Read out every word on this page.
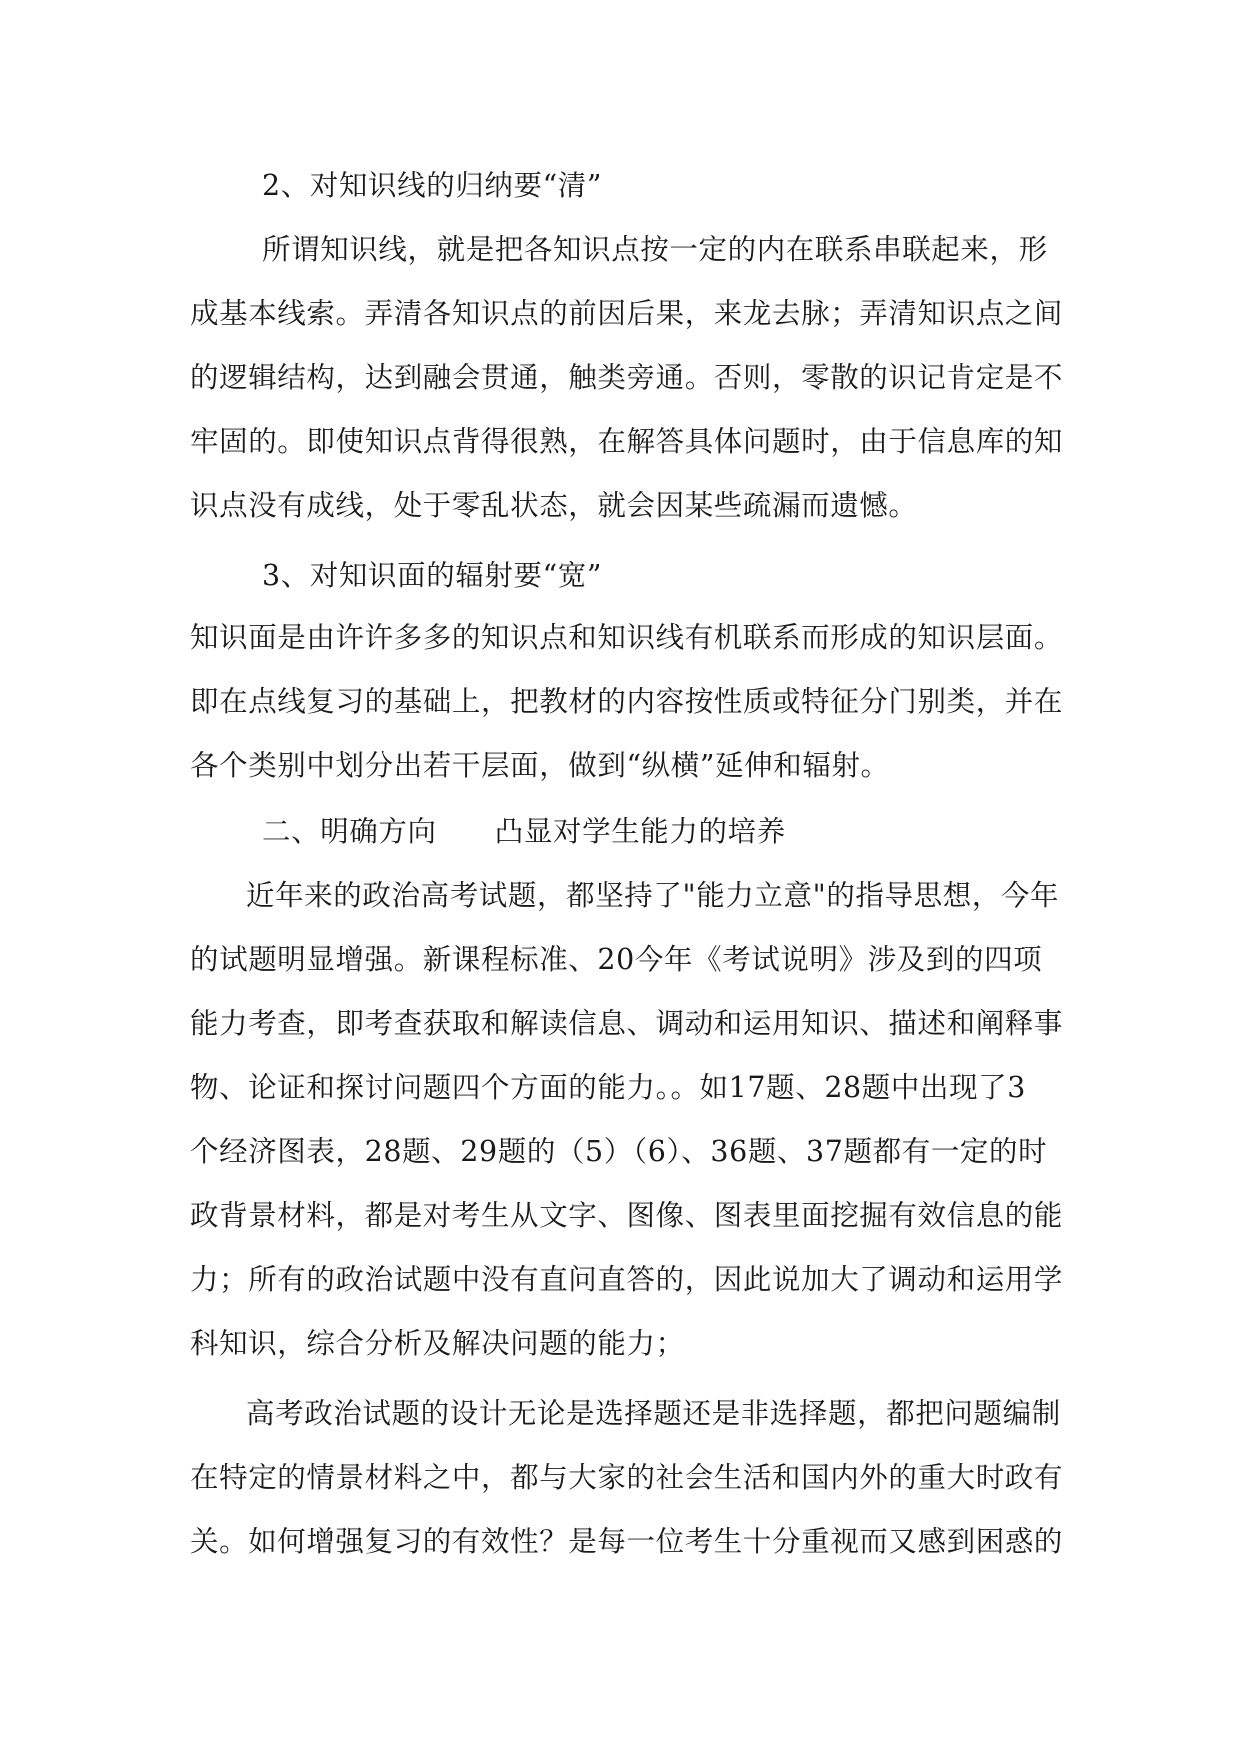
2、对知识线的归纳要“清”
所谓知识线，就是把各知识点按一定的内在联系串联起来，形
成基本线索。弄清各知识点的前因后果，来龙去脉；弄清知识点之间
的逻辑结构，达到融会贯通，触类旁通。否则，零散的识记肯定是不
牢固的。即使知识点背得很熟，在解答具体问题时，由于信息库的知
识点没有成线，处于零乱状态，就会因某些疏漏而遗憾。
3、对知识面的辐射要“宽”
知识面是由许许多多的知识点和知识线有机联系而形成的知识层面。
即在点线复习的基础上，把教材的内容按性质或特征分门别类，并在
各个类别中划分出若干层面，做到“纵横”延伸和辐射。
二、明确方向　　凸显对学生能力的培养
近年来的政治高考试题，都坚持了"能力立意"的指导思想，今年
的试题明显增强。新课程标准、20今年《考试说明》涉及到的四项
能力考查，即考查获取和解读信息、调动和运用知识、描述和阐释事
物、论证和探讨问题四个方面的能力。。如17题、28题中出现了3
个经济图表，28题、29题的（5）（6）、36题、37题都有一定的时
政背景材料，都是对考生从文字、图像、图表里面挖掘有效信息的能
力；所有的政治试题中没有直问直答的，因此说加大了调动和运用学
科知识，综合分析及解决问题的能力；
高考政治试题的设计无论是选择题还是非选择题，都把问题编制
在特定的情景材料之中，都与大家的社会生活和国内外的重大时政有
关。如何增强复习的有效性？是每一位考生十分重视而又感到困惑的
